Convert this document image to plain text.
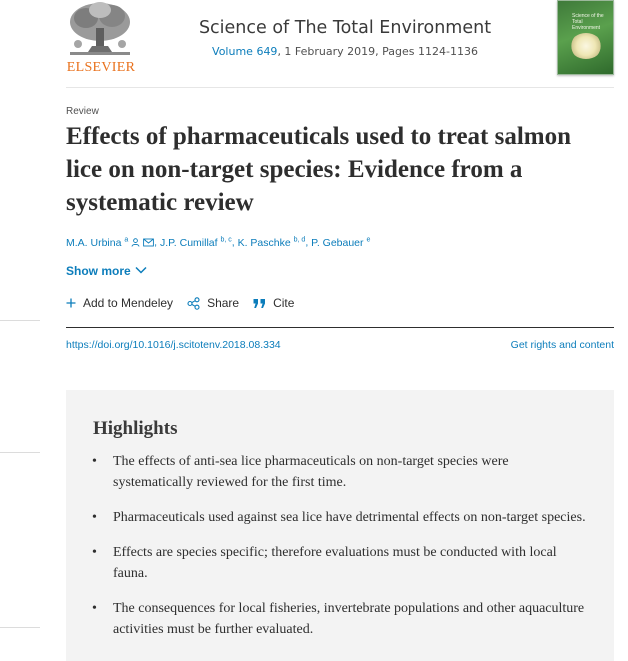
ELSEVIER
Science of The Total Environment
Volume 649, 1 February 2019, Pages 1124-1136
Science of the Total Environment
Review
Effects of pharmaceuticals used to treat salmon lice on non-target species: Evidence from a systematic review
M.A. Urbina $^a$ , J.P. Cumillaf $^{b, c}$, K. Paschke $^{b, d}$, P. Gebauer $^e$
Show more
Add to Mendeley	Share	Cite
https://doi.org/10.1016/j.scitotenv.2018.08.334	Get rights and content
Highlights
• The effects of anti-sea lice pharmaceuticals on non-target species were systematically reviewed for the first time.
• Pharmaceuticals used against sea lice have detrimental effects on non-target species.
• Effects are species specific; therefore evaluations must be conducted with local fauna.
• The consequences for local fisheries, invertebrate populations and other aquaculture activities must be further evaluated.
